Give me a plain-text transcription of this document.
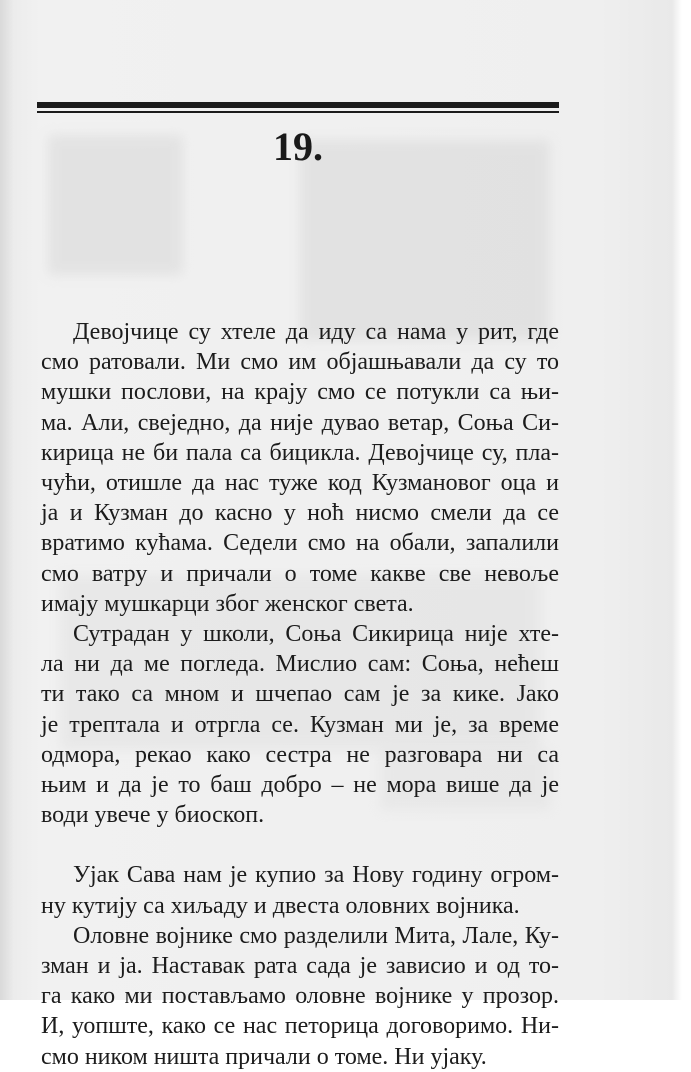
19.
Девојчице су хтеле да иду са нама у рит, где
смо ратовали. Ми смо им објашњавали да су то
мушки послови, на крају смо се потукли са њи-
ма. Али, свеједно, да није дувао ветар, Соња Си-
кирица не би пала са бицикла. Девојчице су, пла-
чући, отишле да нас туже код Кузмановог оца и
ја и Кузман до касно у ноћ нисмо смели да се
вратимо кућама. Седели смо на обали, запалили
смо ватру и причали о томе какве све невоље
имају мушкарци због женског света.
Сутрадан у школи, Соња Сикирица није хте-
ла ни да ме погледа. Мислио сам: Соња, нећеш
ти тако са мном и шчепао сам је за кике. Јако
је трептала и отргла се. Кузман ми је, за време
одмора, рекао како сестра не разговара ни са
њим и да је то баш добро – не мора више да је
води увече у биоскоп.
Ујак Сава нам је купио за Нову годину огром-
ну кутију са хиљаду и двеста оловних војника.
Оловне војнике смо разделили Мита, Лале, Ку-
зман и ја. Наставак рата сада је зависио и од то-
га како ми постављамо оловне војнике у прозор.
И, уопште, како се нас петорица договоримо. Ни-
смо ником ништа причали о томе. Ни ујаку.
